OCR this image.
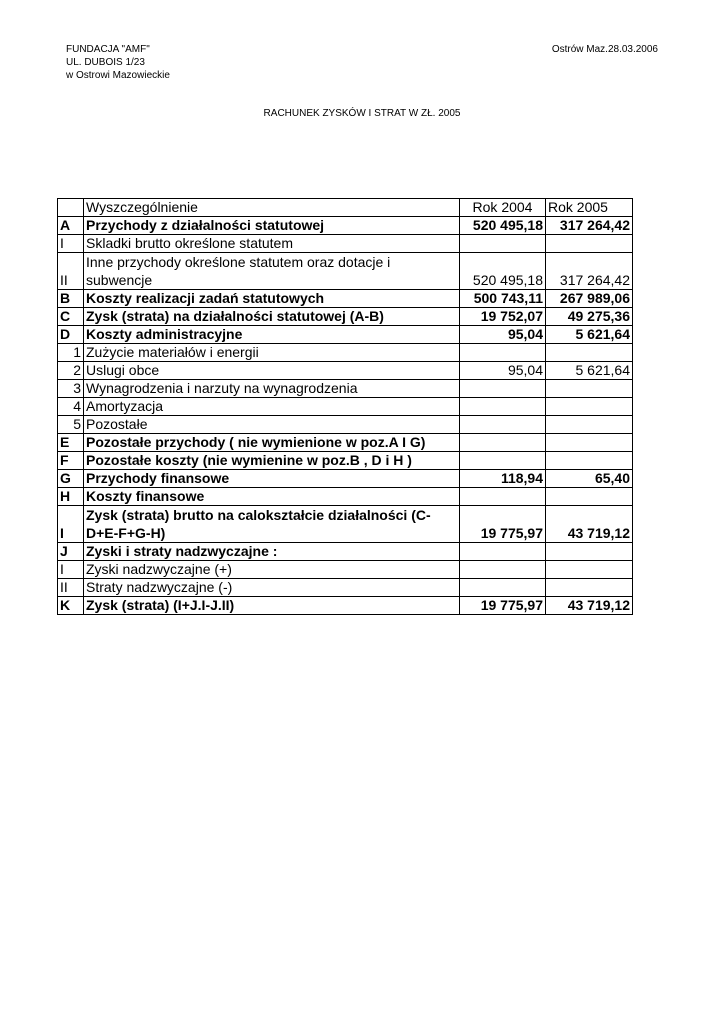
FUNDACJA "AMF"
UL. DUBOIS 1/23
w Ostrowi Mazowieckie
Ostrów Maz.28.03.2006
RACHUNEK ZYSKÓW I STRAT W ZŁ. 2005
	Wyszczególnienie	Rok 2004	Rok 2005
A	Przychody z działalności statutowej	520 495,18	317 264,42
I	Skladki brutto określone statutem		
II	Inne przychody określone statutem oraz dotacje i subwencje	520 495,18	317 264,42
B	Koszty realizacji zadań statutowych	500 743,11	267 989,06
C	Zysk (strata) na działalności statutowej (A-B)	19 752,07	49 275,36
D	Koszty administracyjne	95,04	5 621,64
1	Zużycie materiałów i energii		
2	Uslugi obce	95,04	5 621,64
3	Wynagrodzenia i narzuty na wynagrodzenia		
4	Amortyzacja		
5	Pozostałe		
E	Pozostałe przychody ( nie wymienione w poz.A I G)		
F	Pozostałe koszty (nie wymienine w poz.B , D i H )		
G	Przychody finansowe	118,94	65,40
H	Koszty finansowe		
I	Zysk (strata) brutto na calokształcie działalności (C-D+E-F+G-H)	19 775,97	43 719,12
J	Zyski i straty nadzwyczajne :		
I	Zyski nadzwyczajne (+)		
II	Straty nadzwyczajne (-)		
K	Zysk (strata) (I+J.I-J.II)	19 775,97	43 719,12
